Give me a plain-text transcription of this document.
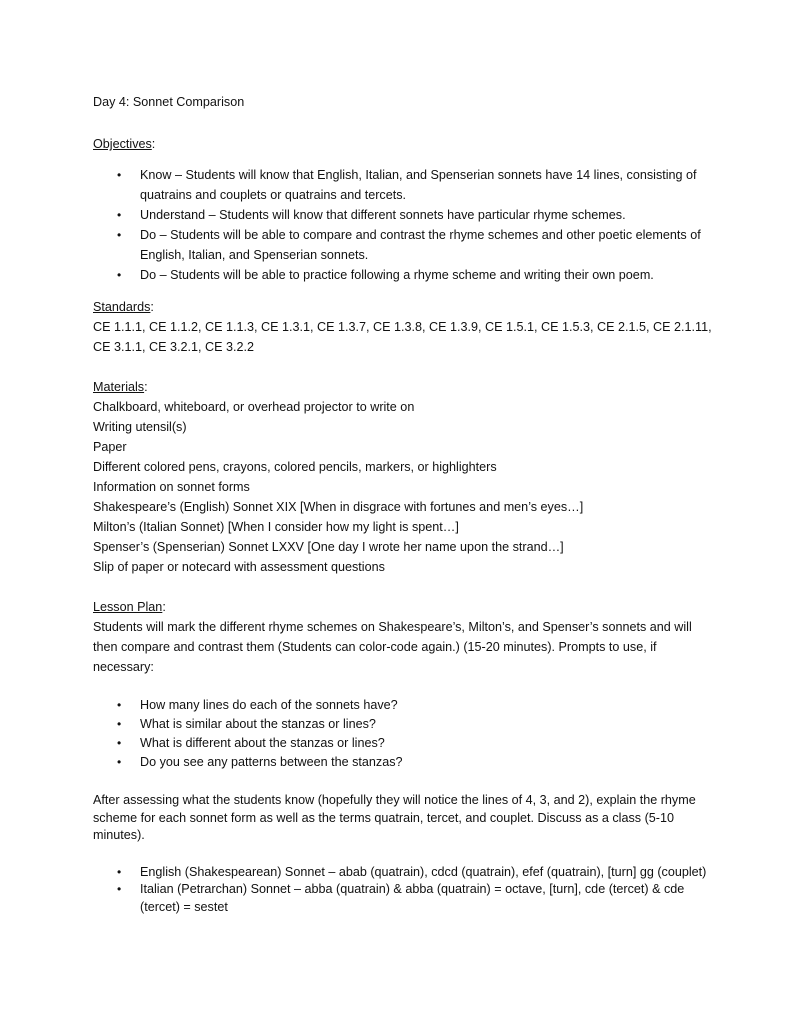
Day 4: Sonnet Comparison
Objectives:
• Know – Students will know that English, Italian, and Spenserian sonnets have 14 lines, consisting of quatrains and couplets or quatrains and tercets.
• Understand – Students will know that different sonnets have particular rhyme schemes.
• Do – Students will be able to compare and contrast the rhyme schemes and other poetic elements of English, Italian, and Spenserian sonnets.
• Do – Students will be able to practice following a rhyme scheme and writing their own poem.
Standards:

CE 1.1.1, CE 1.1.2, CE 1.1.3, CE 1.3.1, CE 1.3.7, CE 1.3.8, CE 1.3.9, CE 1.5.1, CE 1.5.3, CE 2.1.5, CE 2.1.11, CE 3.1.1, CE 3.2.1, CE 3.2.2

Materials:
Chalkboard, whiteboard, or overhead projector to write on
Writing utensil(s)
Paper
Different colored pens, crayons, colored pencils, markers, or highlighters
Information on sonnet forms
Shakespeare’s (English) Sonnet XIX [When in disgrace with fortunes and men’s eyes…]
Milton’s (Italian Sonnet) [When I consider how my light is spent…]
Spenser’s (Spenserian) Sonnet LXXV [One day I wrote her name upon the strand…]
Slip of paper or notecard with assessment questions
Lesson Plan:

Students will mark the different rhyme schemes on Shakespeare’s, Milton’s, and Spenser’s sonnets and will then compare and contrast them (Students can color-code again.) (15-20 minutes). Prompts to use, if necessary:

• How many lines do each of the sonnets have?
• What is similar about the stanzas or lines?
• What is different about the stanzas or lines?
• Do you see any patterns between the stanzas?

After assessing what the students know (hopefully they will notice the lines of 4, 3, and 2), explain the rhyme scheme for each sonnet form as well as the terms quatrain, tercet, and couplet. Discuss as a class (5-10 minutes).

• English (Shakespearean) Sonnet – abab (quatrain), cdcd (quatrain), efef (quatrain), [turn] gg (couplet)
• Italian (Petrarchan) Sonnet – abba (quatrain) & abba (quatrain) = octave, [turn], cde (tercet) & cde (tercet) = sestet
